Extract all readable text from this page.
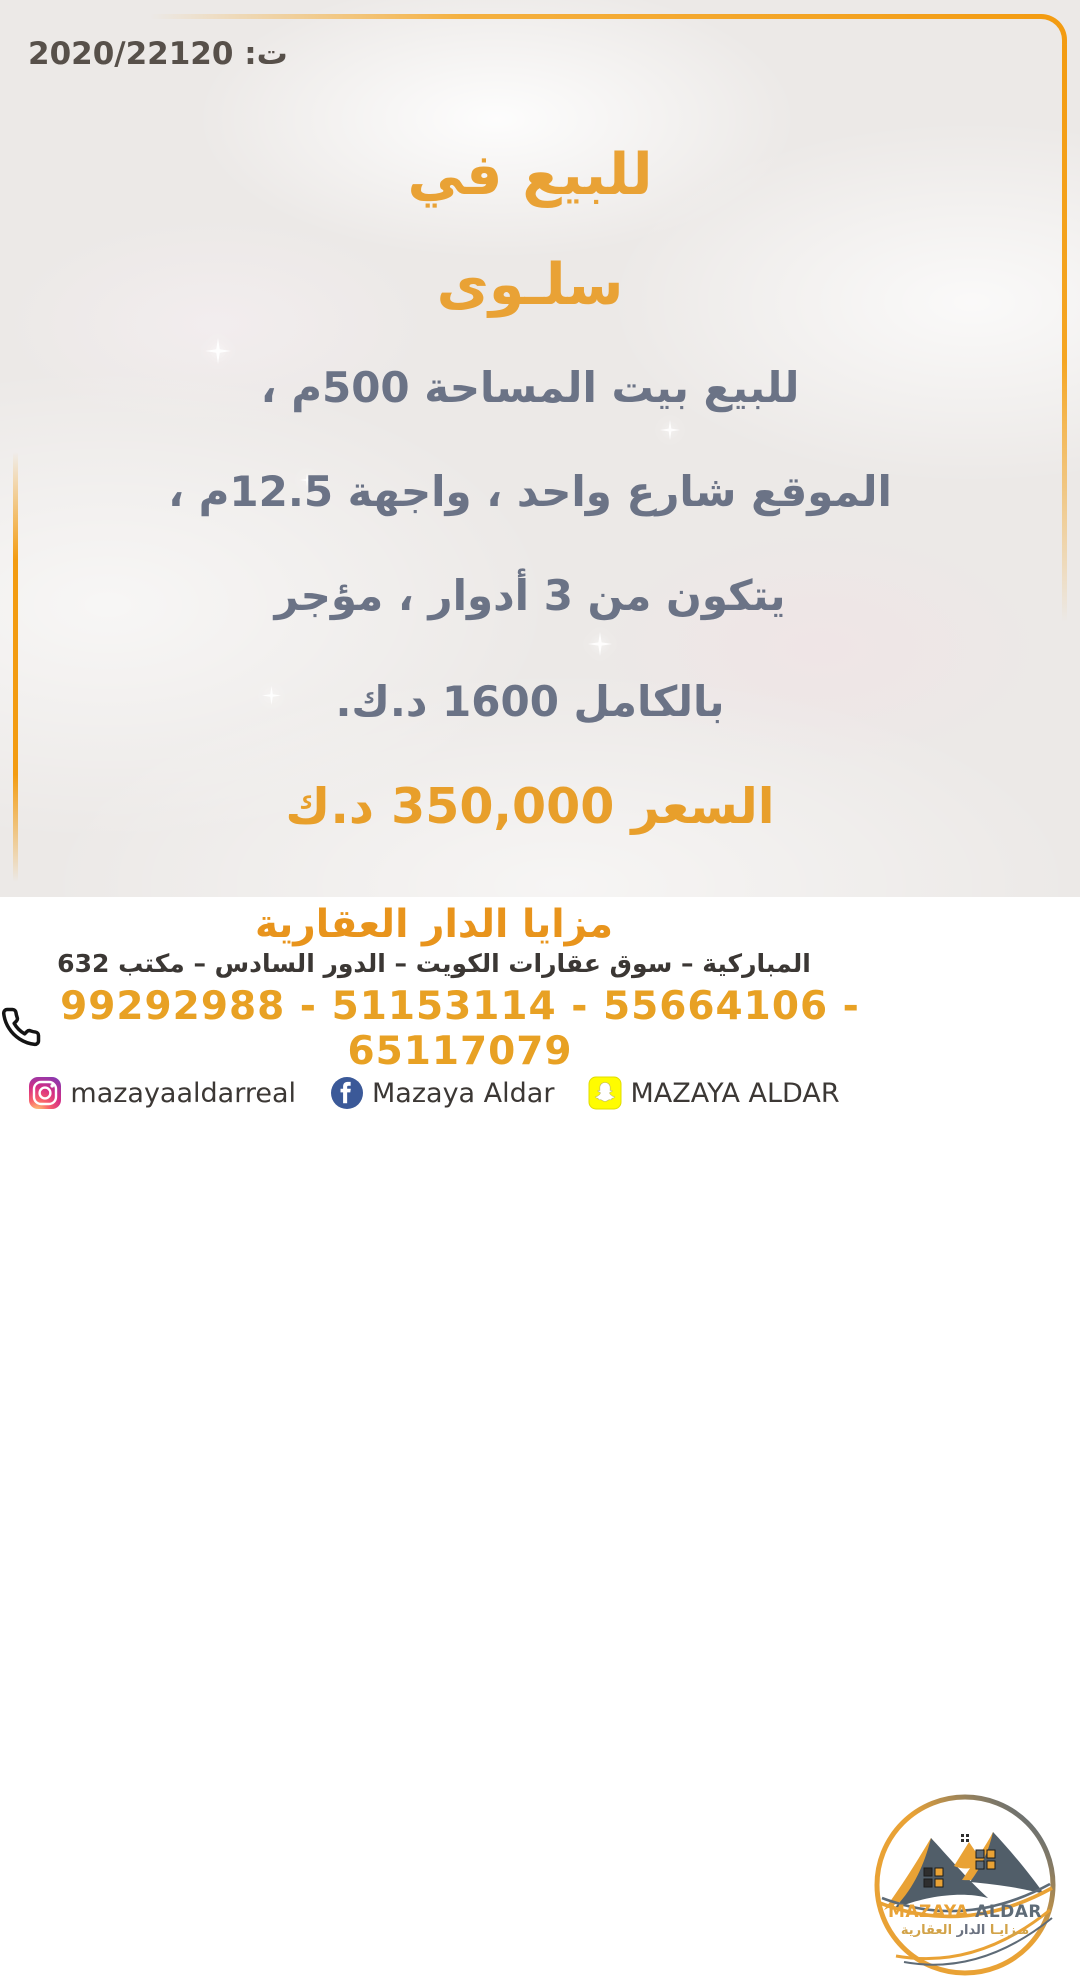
ت: 2020/22120
للبيع في
سلـوى
للبيع بيت المساحة 500م ،
الموقع شارع واحد ، واجهة 12.5م ،
يتكون من 3 أدوار ، مؤجر
بالكامل 1600 د.ك.
السعر 350,000 د.ك
مزايا الدار العقارية
المباركية – سوق عقارات الكويت – الدور السادس – مكتب 632
99292988 - 51153114 - 55664106 - 65117079
mazayaaldarreal	Mazaya Aldar	MAZAYA ALDAR
MAZAYA ALDAR
مـزايـا الدار العقارية
